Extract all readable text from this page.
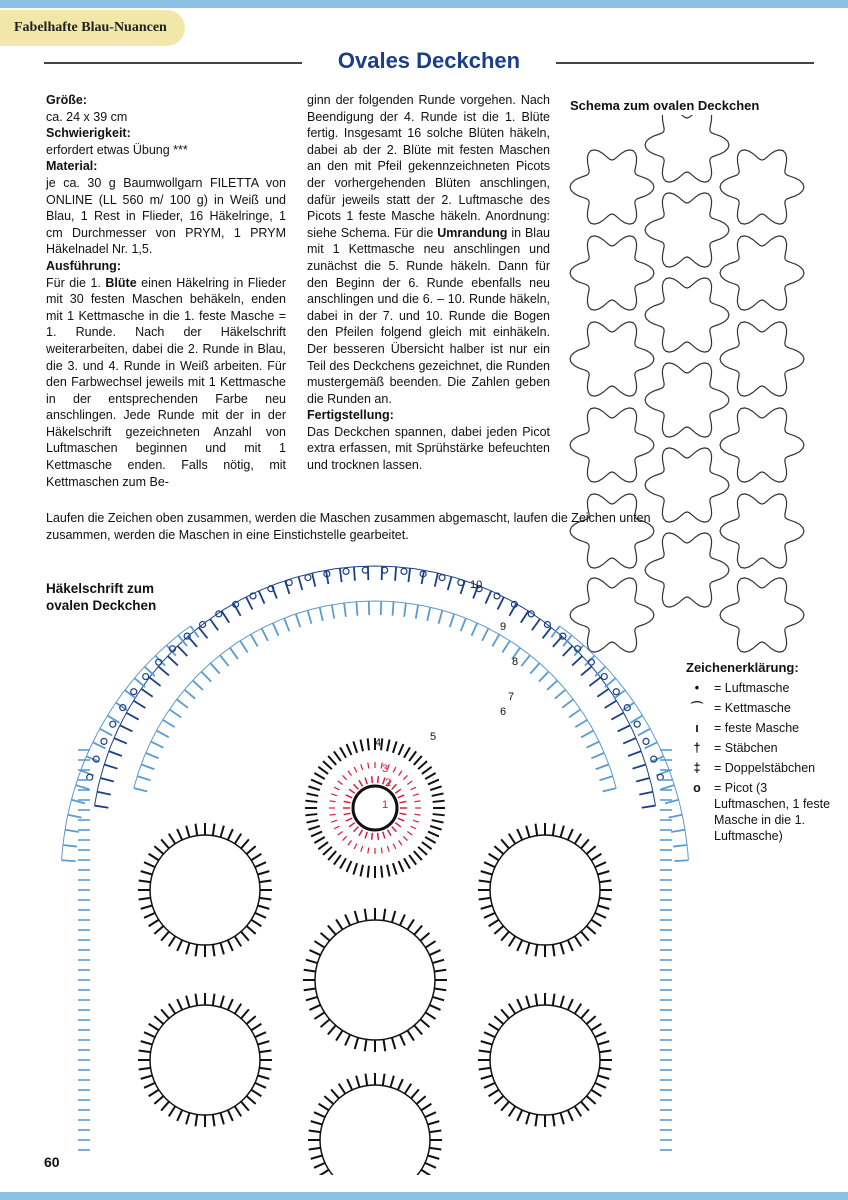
Fabelhafte Blau-Nuancen
Ovales Deckchen

Größe:

ca. 24 x 39 cm

Schwierigkeit:

erfordert etwas Übung ***

Material:

je ca. 30 g Baumwollgarn FILETTA von ONLINE (LL 560 m/ 100 g) in Weiß und Blau, 1 Rest in Flieder, 16 Häkelringe, 1 cm Durchmesser von PRYM, 1 PRYM Häkelnadel Nr. 1,5.

Ausführung:

Für die 1. Blüte einen Häkelring in Flieder mit 30 festen Maschen behäkeln, enden mit 1 Kettmasche in die 1. feste Masche = 1. Runde. Nach der Häkelschrift weiterarbeiten, dabei die 2. Runde in Blau, die 3. und 4. Runde in Weiß arbeiten. Für den Farbwechsel jeweils mit 1 Kettmasche in der entsprechenden Farbe neu anschlingen. Jede Runde mit der in der Häkelschrift gezeichneten Anzahl von Luftmaschen beginnen und mit 1 Kettmasche enden. Falls nötig, mit Kettmaschen zum Be-

ginn der folgenden Runde vorgehen. Nach Beendigung der 4. Runde ist die 1. Blüte fertig. Insgesamt 16 solche Blüten häkeln, dabei ab der 2. Blüte mit festen Maschen an den mit Pfeil gekennzeichneten Picots der vorhergehenden Blüten anschlingen, dafür jeweils statt der 2. Luftmasche des Picots 1 feste Masche häkeln. Anordnung: siehe Schema. Für die Umrandung in Blau mit 1 Kettmasche neu anschlingen und zunächst die 5. Runde häkeln. Dann für den Beginn der 6. Runde ebenfalls neu anschlingen und die 6. – 10. Runde häkeln, dabei in der 7. und 10. Runde die Bogen den Pfeilen folgend gleich mit einhäkeln. Der besseren Übersicht halber ist nur ein Teil des Deckchens gezeichnet, die Runden mustergemäß beenden. Die Zahlen geben die Runden an.

Fertigstellung:

Das Deckchen spannen, dabei jeden Picot extra erfassen, mit Sprühstärke befeuchten und trocknen lassen.

Schema zum ovalen Deckchen
Laufen die Zeichen oben zusammen, werden die Maschen zusammen abgemascht, laufen die Zeichen unten zusammen, werden die Maschen in eine Einstichstelle gearbeitet.
Häkelschrift zum
ovalen Deckchen
10
9
8
7
6
5
4
3
2
1
Zeichenerklärung:
•	= Luftmasche
⌒ = Kettmasche
ı	= feste Masche
†	= Stäbchen
‡	= Doppelstäbchen
o	= Picot (3 Luftmaschen, 1 feste Masche in die 1. Luftmasche)
60
